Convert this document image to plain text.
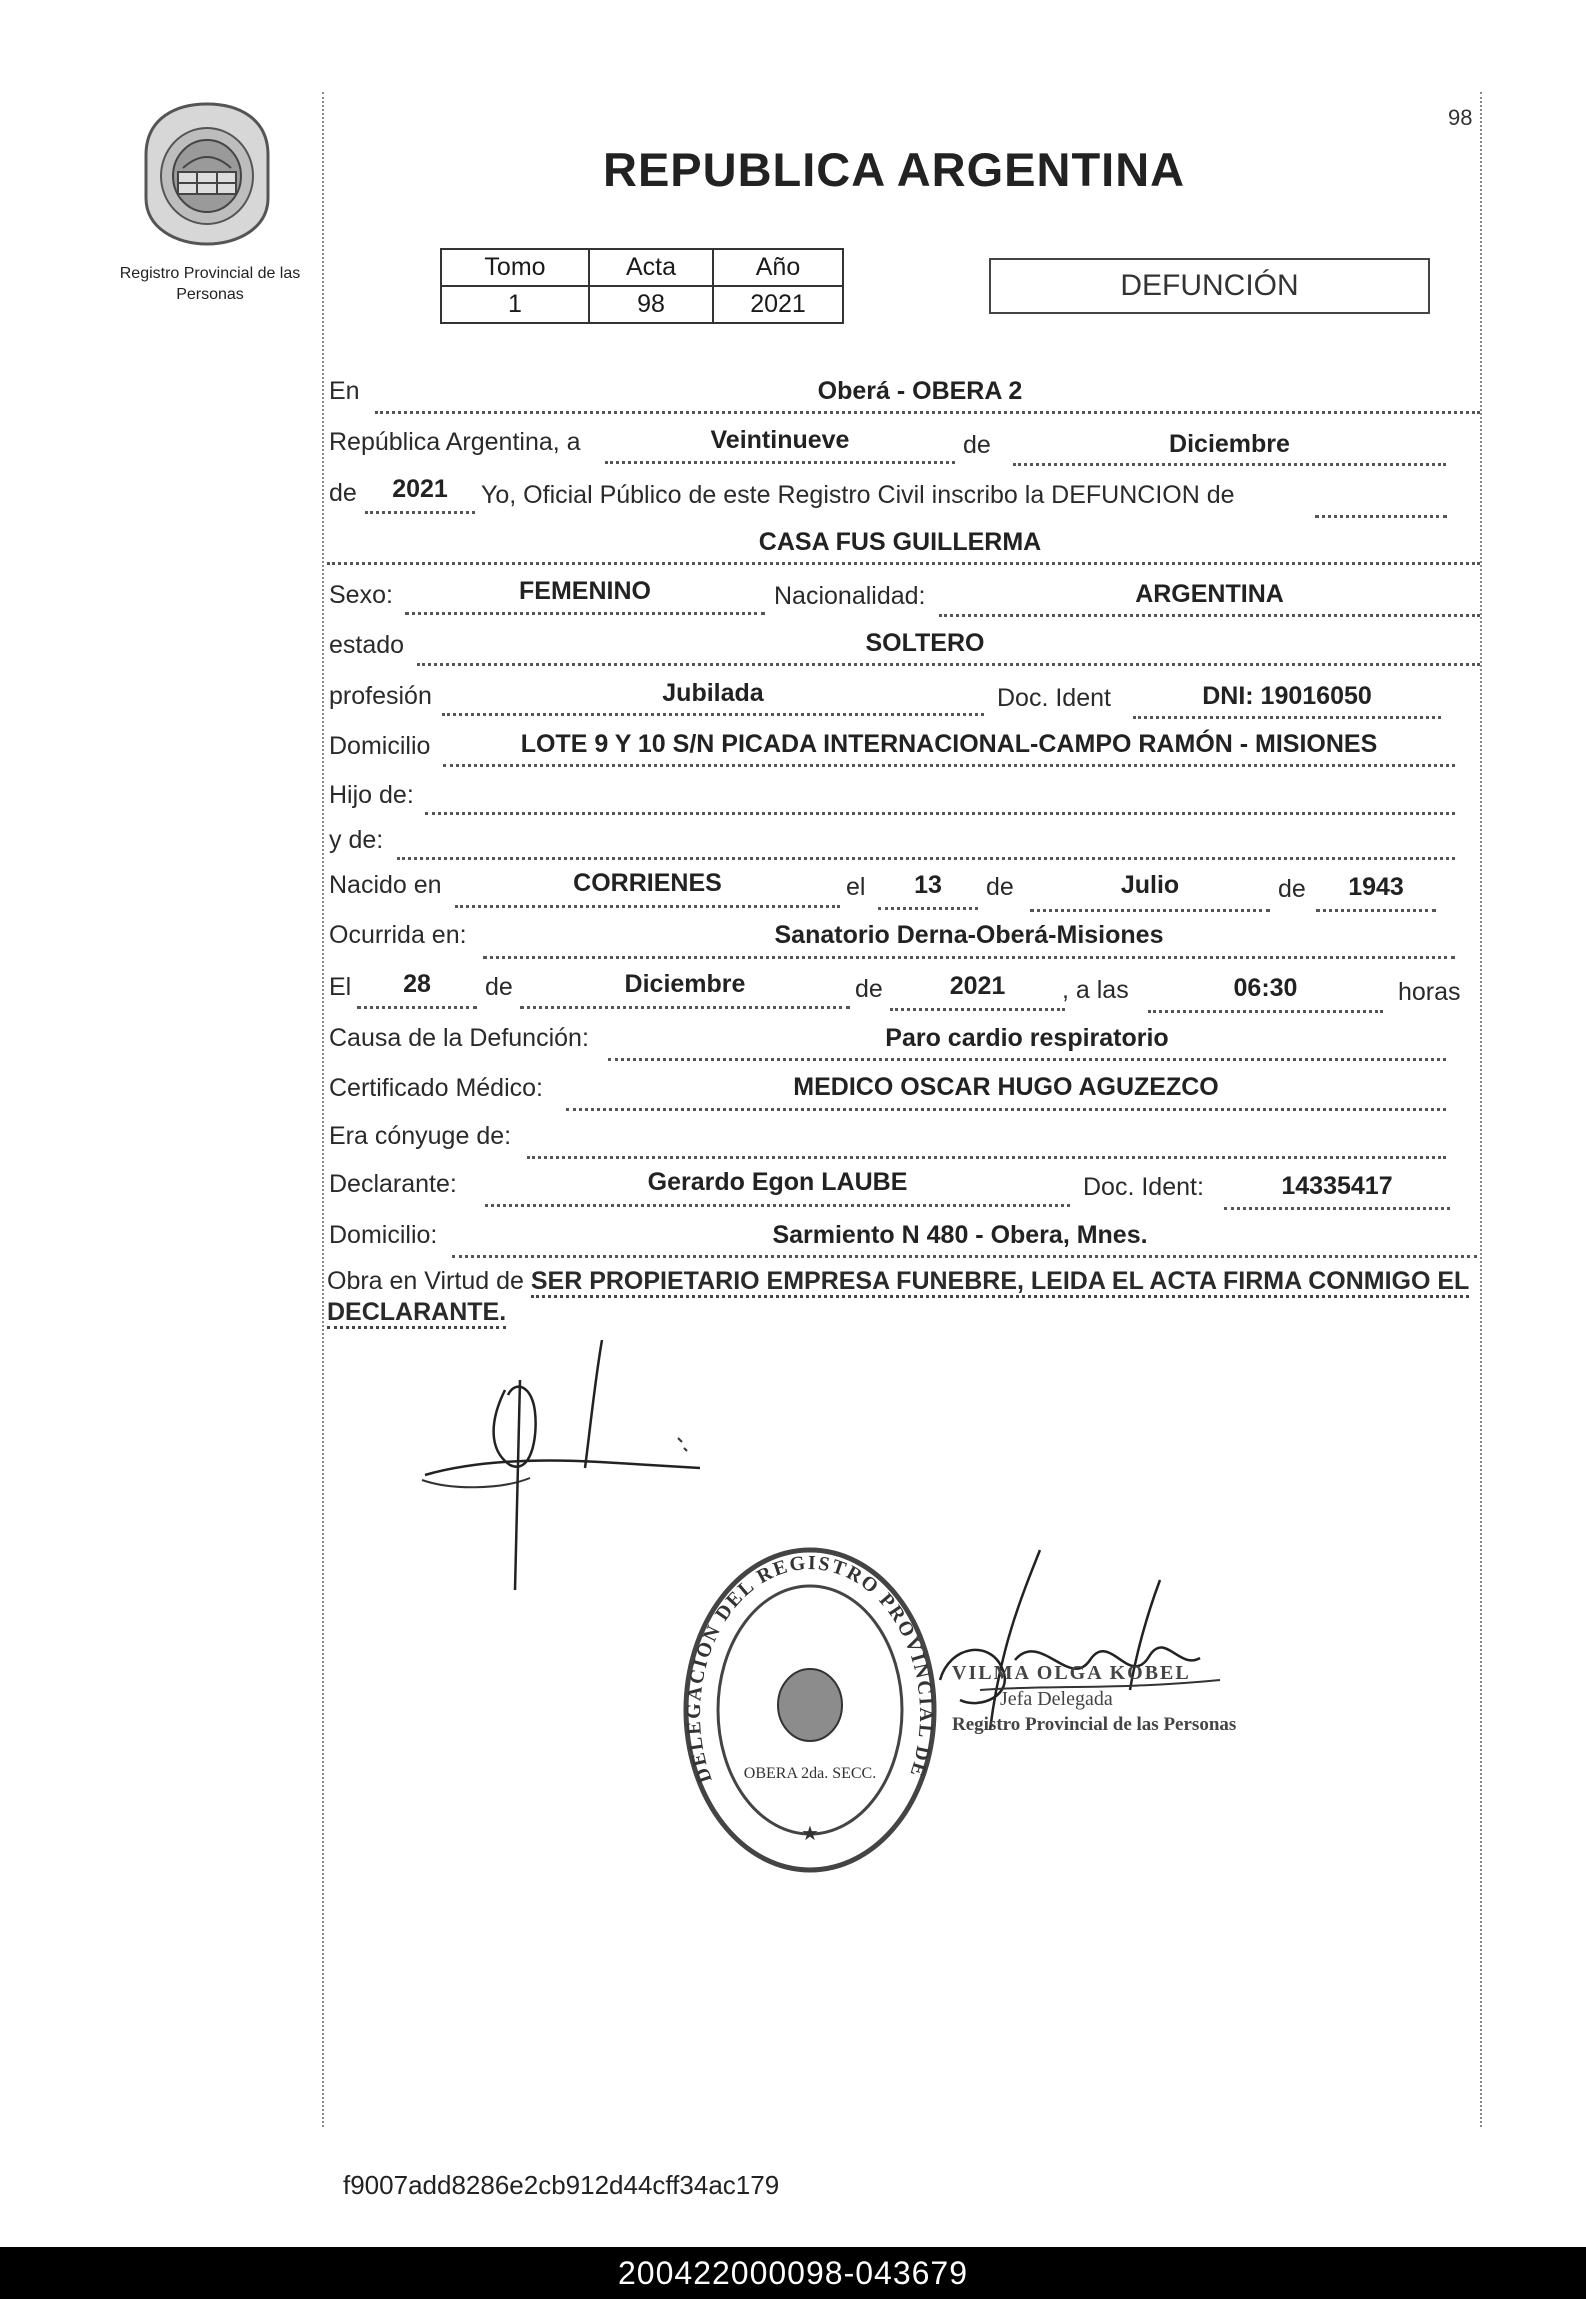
Registro Provincial de las Personas
98
REPUBLICA ARGENTINA
Tomo	Acta	Año
1	98	2021
DEFUNCIÓN
En	Oberá - OBERA 2
República Argentina, a	Veintinueve	de	Diciembre
de	2021	Yo, Oficial Público de este Registro Civil inscribo la DEFUNCION de
CASA FUS GUILLERMA
Sexo:	FEMENINO	Nacionalidad:	ARGENTINA
estado	SOLTERO
profesión	Jubilada	Doc. Ident	DNI: 19016050
Domicilio	LOTE 9 Y 10 S/N PICADA INTERNACIONAL-CAMPO RAMÓN - MISIONES
Hijo de:
y de:
Nacido en	CORRIENES	el	13	de	Julio	de	1943
Ocurrida en:	Sanatorio Derna-Oberá-Misiones
El	28	de	Diciembre	de	2021	, a las	06:30	horas
Causa de la Defunción:	Paro cardio respiratorio
Certificado Médico:	MEDICO OSCAR HUGO AGUZEZCO
Era cónyuge de:
Declarante:	Gerardo Egon LAUBE	Doc. Ident:	14335417
Domicilio:	Sarmiento N 480 - Obera, Mnes.
Obra en Virtud de SER PROPIETARIO EMPRESA FUNEBRE, LEIDA EL ACTA FIRMA CONMIGO EL DECLARANTE.
DELEGACION DEL REGISTRO PROVINCIAL DE
OBERA 2da. SECC.
★
VILMA OLGA KOBEL
Jefa Delegada
Registro Provincial de las Personas
f9007add8286e2cb912d44cff34ac179
200422000098-043679
